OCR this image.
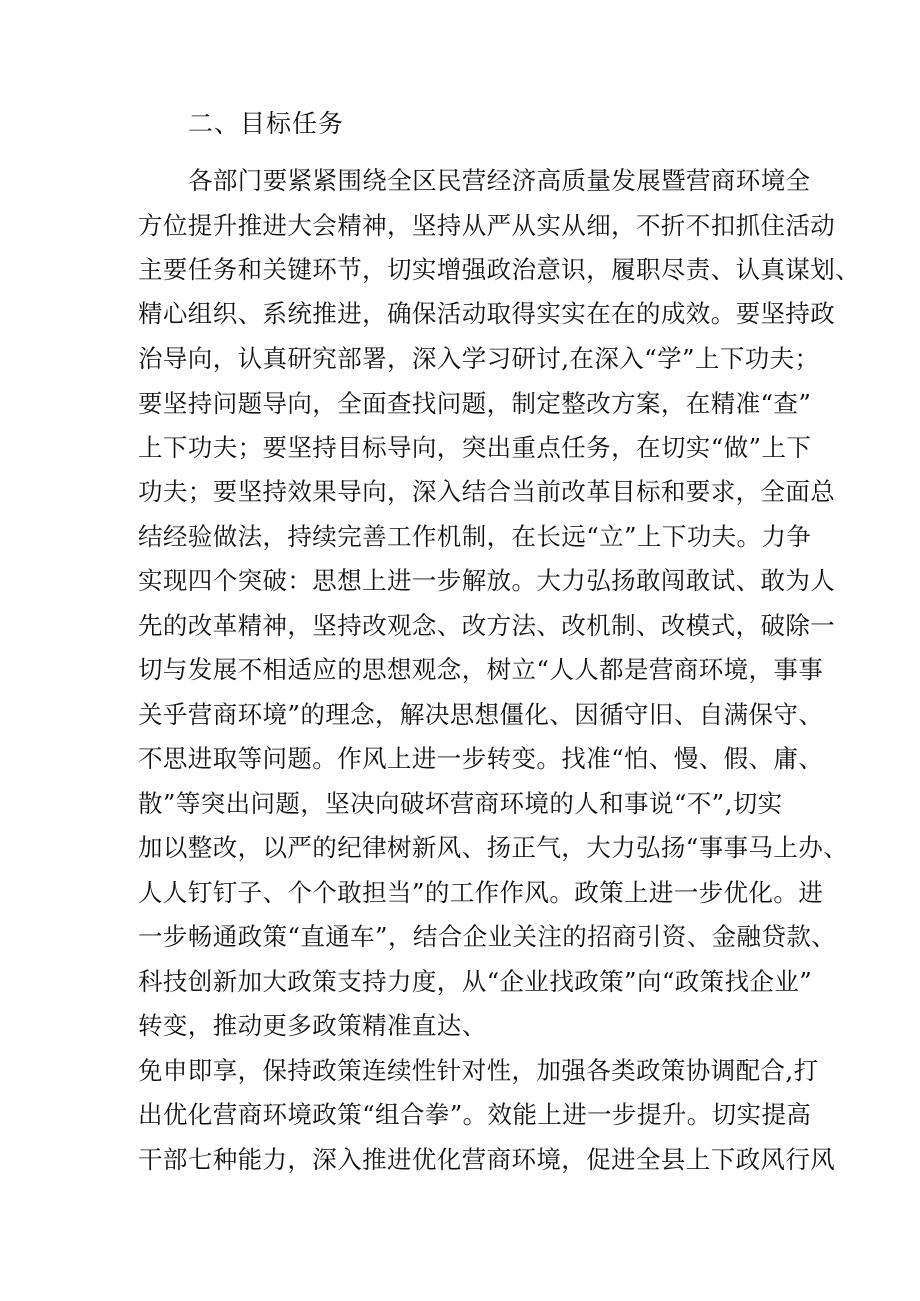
二、目标任务
各部门要紧紧围绕全区民营经济高质量发展暨营商环境全
方位提升推进大会精神，坚持从严从实从细，不折不扣抓住活动
主要任务和关键环节，切实增强政治意识，履职尽责、认真谋划、
精心组织、系统推进，确保活动取得实实在在的成效。要坚持政
治导向，认真研究部署，深入学习研讨,在深入“学”上下功夫；
要坚持问题导向，全面查找问题，制定整改方案，在精准“查”
上下功夫；要坚持目标导向，突出重点任务，在切实“做”上下
功夫；要坚持效果导向，深入结合当前改革目标和要求，全面总
结经验做法，持续完善工作机制，在长远“立”上下功夫。力争
实现四个突破：思想上进一步解放。大力弘扬敢闯敢试、敢为人
先的改革精神，坚持改观念、改方法、改机制、改模式，破除一
切与发展不相适应的思想观念，树立“人人都是营商环境，事事
关乎营商环境”的理念，解决思想僵化、因循守旧、自满保守、
不思进取等问题。作风上进一步转变。找准“怕、慢、假、庸、
散”等突出问题，坚决向破坏营商环境的人和事说“不”,切实
加以整改，以严的纪律树新风、扬正气，大力弘扬“事事马上办、
人人钉钉子、个个敢担当”的工作作风。政策上进一步优化。进
一步畅通政策“直通车”，结合企业关注的招商引资、金融贷款、
科技创新加大政策支持力度，从“企业找政策”向“政策找企业”
转变，推动更多政策精准直达、
免申即享，保持政策连续性针对性，加强各类政策协调配合,打
出优化营商环境政策“组合拳”。效能上进一步提升。切实提高
干部七种能力，深入推进优化营商环境，促进全县上下政风行风
